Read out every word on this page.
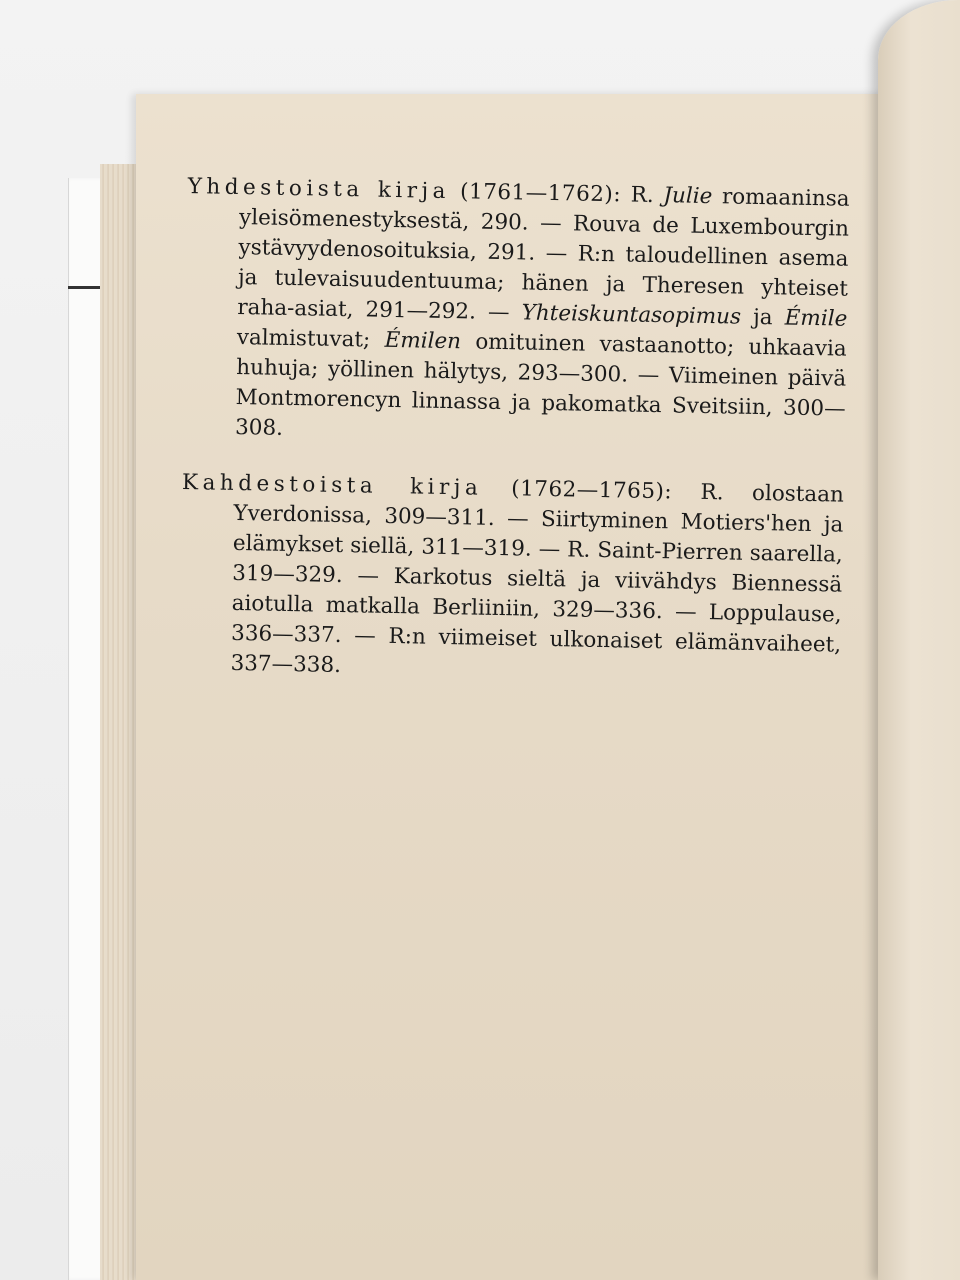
Yhdestoista kirja (1761—1762): R. Julie romaaninsa yleisömenestyksestä, 290. — Rouva de Luxembourgin ystävyydenosoituksia, 291. — R:n taloudellinen asema ja tulevaisuudentuuma; hänen ja Theresen yhteiset raha-asiat, 291—292. — Yhteiskuntasopimus ja Émile valmistuvat; Émilen omituinen vastaanotto; uhkaavia huhuja; yöllinen hälytys, 293—300. — Viimeinen päivä Montmorencyn linnassa ja pakomatka Sveitsiin, 300—308.

Kahdestoista kirja (1762—1765): R. olostaan Yverdonissa, 309—311. — Siirtyminen Motiers'hen ja elämykset siellä, 311—319. — R. Saint-Pierren saarella, 319—329. — Karkotus sieltä ja viivähdys Biennessä aiotulla matkalla Berliiniin, 329—336. — Loppulause, 336—337. — R:n viimeiset ulkonaiset elämänvaiheet, 337—338.
